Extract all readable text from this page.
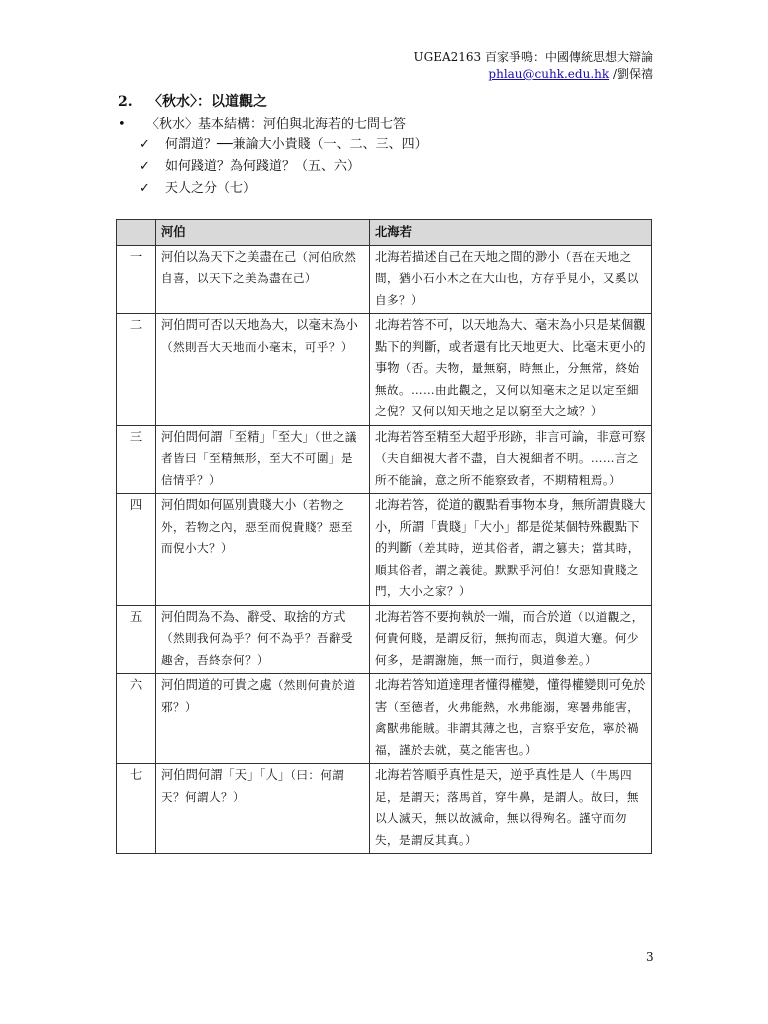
UGEA2163 百家爭鳴：中國傳統思想大辯論
phlau@cuhk.edu.hk /劉保禧
2. 〈秋水〉：以道觀之
• 〈秋水〉基本結構：河伯與北海若的七問七答
✓	何謂道？──兼論大小貴賤（一、二、三、四）
✓	如何踐道？為何踐道？（五、六）
✓	天人之分（七）
	河伯	北海若
一	河伯以為天下之美盡在己（河伯欣然自喜，以天下之美為盡在己）	北海若描述自己在天地之間的渺小（吾在天地之間，猶小石小木之在大山也，方存乎見小，又奚以自多？）
二	河伯問可否以天地為大，以毫末為小（然則吾大天地而小毫末，可乎？）	北海若答不可，以天地為大、毫末為小只是某個觀點下的判斷，或者還有比天地更大、比毫末更小的事物（否。夫物，量無窮，時無止，分無常，終始無故。……由此觀之，又何以知毫末之足以定至細之倪？又何以知天地之足以窮至大之域？）
三	河伯問何謂「至精」「至大」（世之議者皆曰「至精無形，至大不可圍」是信情乎？）	北海若答至精至大超乎形跡，非言可論，非意可察（夫自細視大者不盡，自大視細者不明。……言之所不能論，意之所不能察致者，不期精粗焉。）
四	河伯問如何區別貴賤大小（若物之外，若物之內，惡至而倪貴賤？惡至而倪小大？）	北海若答，從道的觀點看事物本身，無所謂貴賤大小，所謂「貴賤」「大小」都是從某個特殊觀點下的判斷（差其時，逆其俗者，謂之篡夫；當其時，順其俗者，謂之義徒。默默乎河伯！女惡知貴賤之門，大小之家？）
五	河伯問為不為、辭受、取捨的方式（然則我何為乎？何不為乎？吾辭受趣舍，吾終奈何？）	北海若答不要拘執於一端，而合於道（以道觀之，何貴何賤，是謂反衍，無拘而志，與道大蹇。何少何多，是謂謝施，無一而行，與道參差。）
六	河伯問道的可貴之處（然則何貴於道邪？）	北海若答知道達理者懂得權變，懂得權變則可免於害（至德者，火弗能熱，水弗能溺，寒暑弗能害，禽獸弗能賊。非謂其薄之也，言察乎安危，寧於禍福，謹於去就，莫之能害也。）
七	河伯問何謂「天」「人」（曰：何謂天？何謂人？）	北海若答順乎真性是天，逆乎真性是人（牛馬四足，是謂天；落馬首，穿牛鼻，是謂人。故曰，無以人滅天，無以故滅命，無以得殉名。謹守而勿失，是謂反其真。）
3
